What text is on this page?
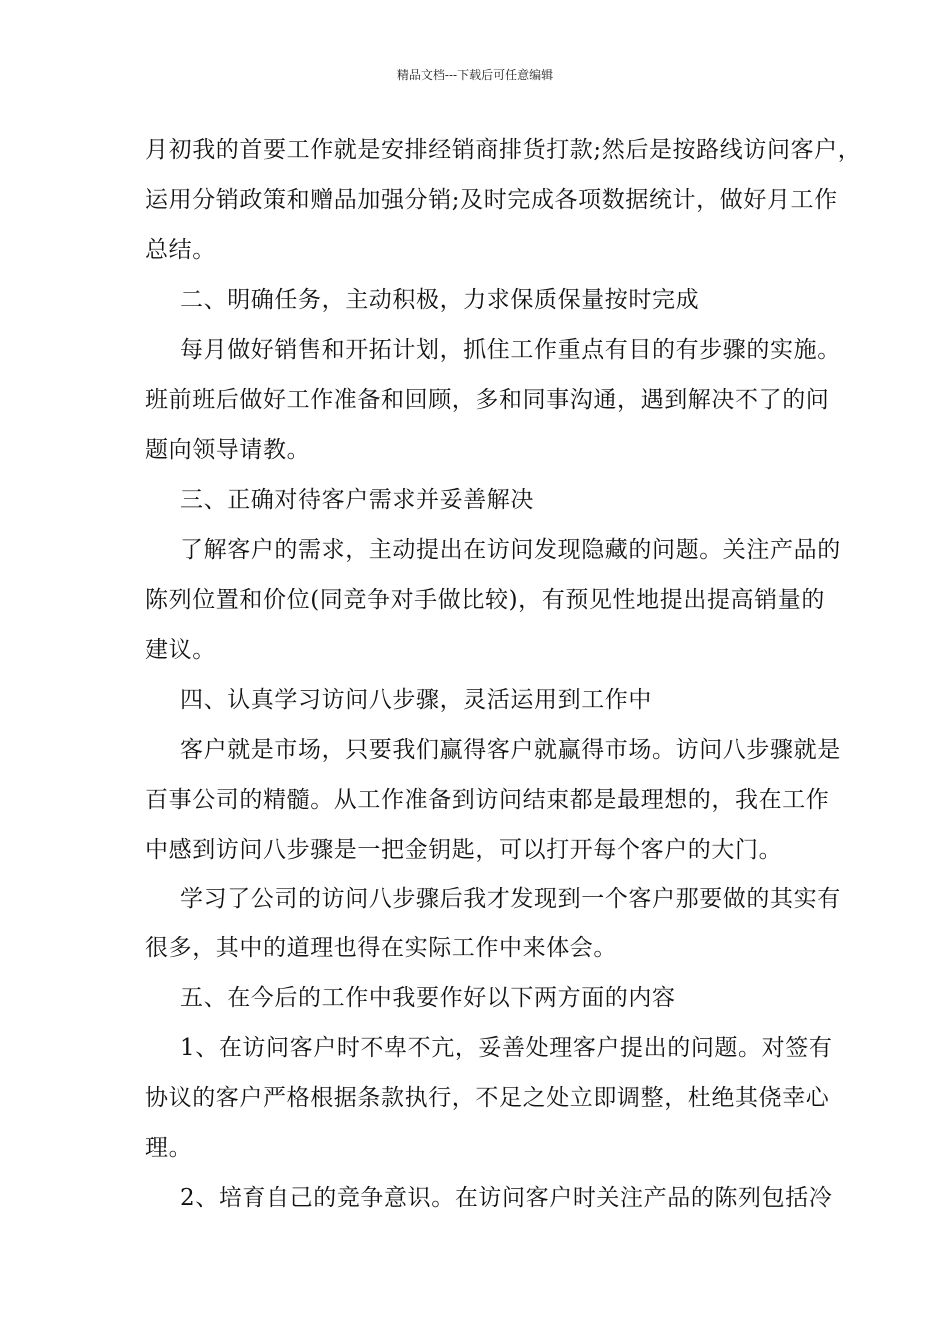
精品文档---下载后可任意编辑
月初我的首要工作就是安排经销商排货打款;然后是按路线访问客户，
运用分销政策和赠品加强分销;及时完成各项数据统计，做好月工作
总结。
二、明确任务，主动积极，力求保质保量按时完成
每月做好销售和开拓计划，抓住工作重点有目的有步骤的实施。
班前班后做好工作准备和回顾，多和同事沟通，遇到解决不了的问
题向领导请教。
三、正确对待客户需求并妥善解决
了解客户的需求，主动提出在访问发现隐藏的问题。关注产品的
陈列位置和价位(同竞争对手做比较)，有预见性地提出提高销量的
建议。
四、认真学习访问八步骤，灵活运用到工作中
客户就是市场，只要我们赢得客户就赢得市场。访问八步骤就是
百事公司的精髓。从工作准备到访问结束都是最理想的，我在工作
中感到访问八步骤是一把金钥匙，可以打开每个客户的大门。
学习了公司的访问八步骤后我才发现到一个客户那要做的其实有
很多，其中的道理也得在实际工作中来体会。
五、在今后的工作中我要作好以下两方面的内容
1、在访问客户时不卑不亢，妥善处理客户提出的问题。对签有
协议的客户严格根据条款执行，不足之处立即调整，杜绝其侥幸心
理。
2、培育自己的竞争意识。在访问客户时关注产品的陈列包括冷
